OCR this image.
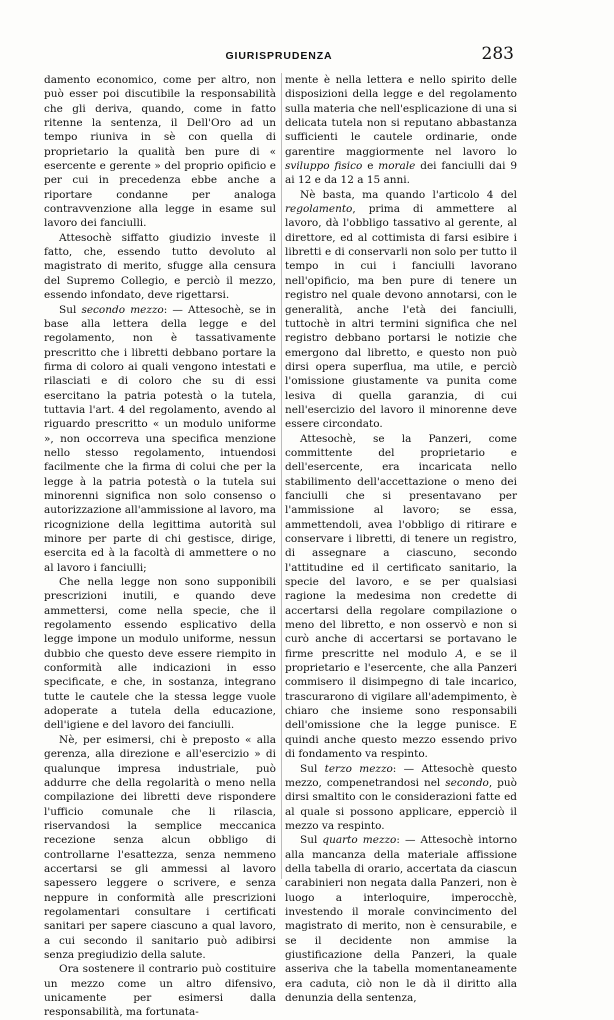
GIURISPRUDENZA	283

damento economico, come per altro, non può esser poi discutibile la responsabilità che gli deriva, quando, come in fatto ritenne la sentenza, il Dell'Oro ad un tempo riuniva in sè con quella di proprietario la qualità ben pure di « esercente e gerente » del proprio opificio e per cui in precedenza ebbe anche a riportare condanne per analoga contravvenzione alla legge in esame sul lavoro dei fanciulli.

Attesochè siffatto giudizio investe il fatto, che, essendo tutto devoluto al magistrato di merito, sfugge alla censura del Supremo Collegio, e perciò il mezzo, essendo infondato, deve rigettarsi.

Sul secondo mezzo: — Attesochè, se in base alla lettera della legge e del regolamento, non è tassativamente prescritto che i libretti debbano portare la firma di coloro ai quali vengono intestati e rilasciati e di coloro che su di essi esercitano la patria potestà o la tutela, tuttavia l'art. 4 del regolamento, avendo al riguardo prescritto « un modulo uniforme », non occorreva una specifica menzione nello stesso regolamento, intuendosi facilmente che la firma di colui che per la legge à la patria potestà o la tutela sui minorenni significa non solo consenso o autorizzazione all'ammissione al lavoro, ma ricognizione della legittima autorità sul minore per parte di chi gestisce, dirige, esercita ed à la facoltà di ammettere o no al lavoro i fanciulli;

Che nella legge non sono supponibili prescrizioni inutili, e quando deve ammettersi, come nella specie, che il regolamento essendo esplicativo della legge impone un modulo uniforme, nessun dubbio che questo deve essere riempito in conformità alle indicazioni in esso specificate, e che, in sostanza, integrano tutte le cautele che la stessa legge vuole adoperate a tutela della educazione, dell'igiene e del lavoro dei fanciulli.

Nè, per esimersi, chi è preposto « alla gerenza, alla direzione e all'esercizio » di qualunque impresa industriale, può addurre che della regolarità o meno nella compilazione dei libretti deve rispondere l'ufficio comunale che li rilascia, riservandosi la semplice meccanica recezione senza alcun obbligo di controllarne l'esattezza, senza nemmeno accertarsi se gli ammessi al lavoro sapessero leggere o scrivere, e senza neppure in conformità alle prescrizioni regolamentari consultare i certificati sanitari per sapere ciascuno a qual lavoro, a cui secondo il sanitario può adibirsi senza pregiudizio della salute.

Ora sostenere il contrario può costituire un mezzo come un altro difensivo, unicamente per esimersi dalla responsabilità, ma fortunata-

mente è nella lettera e nello spirito delle disposizioni della legge e del regolamento sulla materia che nell'esplicazione di una si delicata tutela non si reputano abbastanza sufficienti le cautele ordinarie, onde garentire maggiormente nel lavoro lo sviluppo fisico e morale dei fanciulli dai 9 ai 12 e da 12 a 15 anni.

Nè basta, ma quando l'articolo 4 del regolamento, prima di ammettere al lavoro, dà l'obbligo tassativo al gerente, al direttore, ed al cottimista di farsi esibire i libretti e di conservarli non solo per tutto il tempo in cui i fanciulli lavorano nell'opificio, ma ben pure di tenere un registro nel quale devono annotarsi, con le generalità, anche l'età dei fanciulli, tuttochè in altri termini significa che nel registro debbano portarsi le notizie che emergono dal libretto, e questo non può dirsi opera superflua, ma utile, e perciò l'omissione giustamente va punita come lesiva di quella garanzia, di cui nell'esercizio del lavoro il minorenne deve essere circondato.

Attesochè, se la Panzeri, come committente del proprietario e dell'esercente, era incaricata nello stabilimento dell'accettazione o meno dei fanciulli che si presentavano per l'ammissione al lavoro; se essa, ammettendoli, avea l'obbligo di ritirare e conservare i libretti, di tenere un registro, di assegnare a ciascuno, secondo l'attitudine ed il certificato sanitario, la specie del lavoro, e se per qualsiasi ragione la medesima non credette di accertarsi della regolare compilazione o meno del libretto, e non osservò e non si curò anche di accertarsi se portavano le firme prescritte nel modulo A, e se il proprietario e l'esercente, che alla Panzeri commisero il disimpegno di tale incarico, trascurarono di vigilare all'adempimento, è chiaro che insieme sono responsabili dell'omissione che la legge punisce. E quindi anche questo mezzo essendo privo di fondamento va respinto.

Sul terzo mezzo: — Attesochè questo mezzo, compenetrandosi nel secondo, può dirsi smaltito con le considerazioni fatte ed al quale si possono applicare, epperciò il mezzo va respinto.

Sul quarto mezzo: — Attesochè intorno alla mancanza della materiale affissione della tabella di orario, accertata da ciascun carabinieri non negata dalla Panzeri, non è luogo a interloquire, imperocchè, investendo il morale convincimento del magistrato di merito, non è censurabile, e se il decidente non ammise la giustificazione della Panzeri, la quale asseriva che la tabella momentaneamente era caduta, ciò non le dà il diritto alla denunzia della sentenza,
